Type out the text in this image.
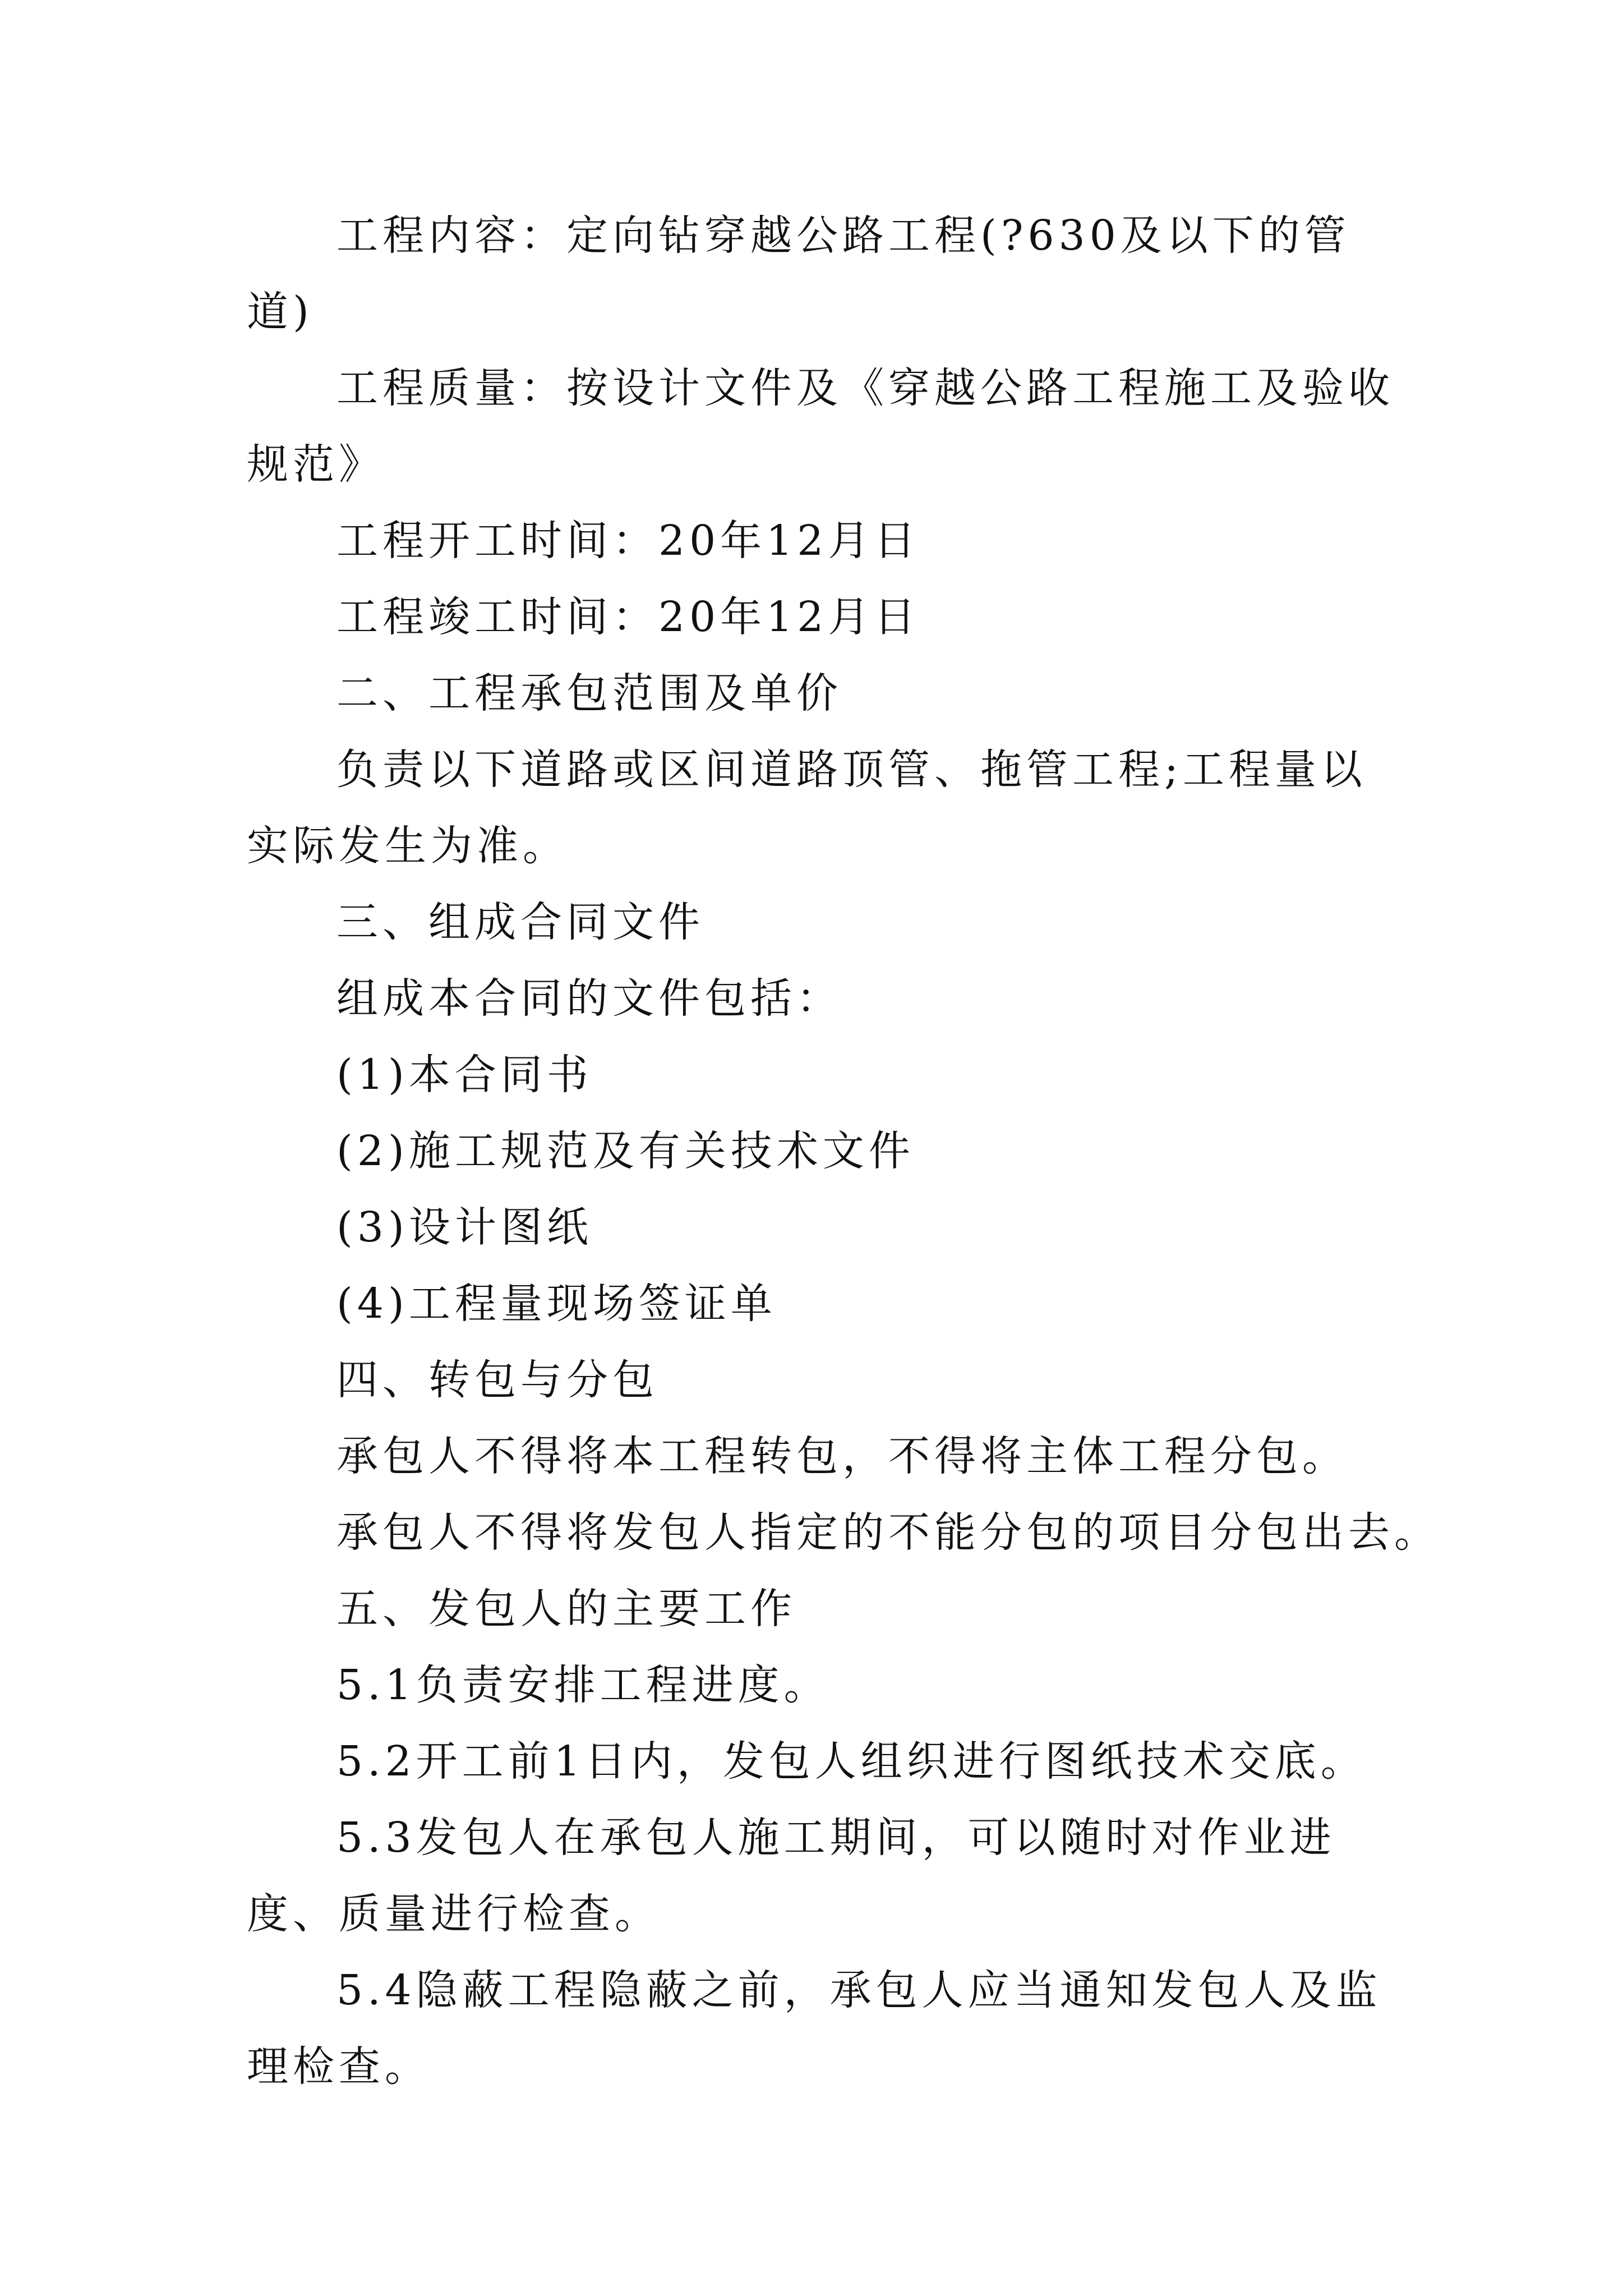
工程内容：定向钻穿越公路工程(?630及以下的管道)

工程质量：按设计文件及《穿越公路工程施工及验收规范》

工程开工时间：20年12月日

工程竣工时间：20年12月日

二、工程承包范围及单价

负责以下道路或区间道路顶管、拖管工程;工程量以实际发生为准。

三、组成合同文件

组成本合同的文件包括：

(1)本合同书

(2)施工规范及有关技术文件

(3)设计图纸

(4)工程量现场签证单

四、转包与分包

承包人不得将本工程转包，不得将主体工程分包。

承包人不得将发包人指定的不能分包的项目分包出去。

五、发包人的主要工作

5.1负责安排工程进度。

5.2开工前1日内，发包人组织进行图纸技术交底。

5.3发包人在承包人施工期间，可以随时对作业进度、质量进行检查。

5.4隐蔽工程隐蔽之前，承包人应当通知发包人及监理检查。
